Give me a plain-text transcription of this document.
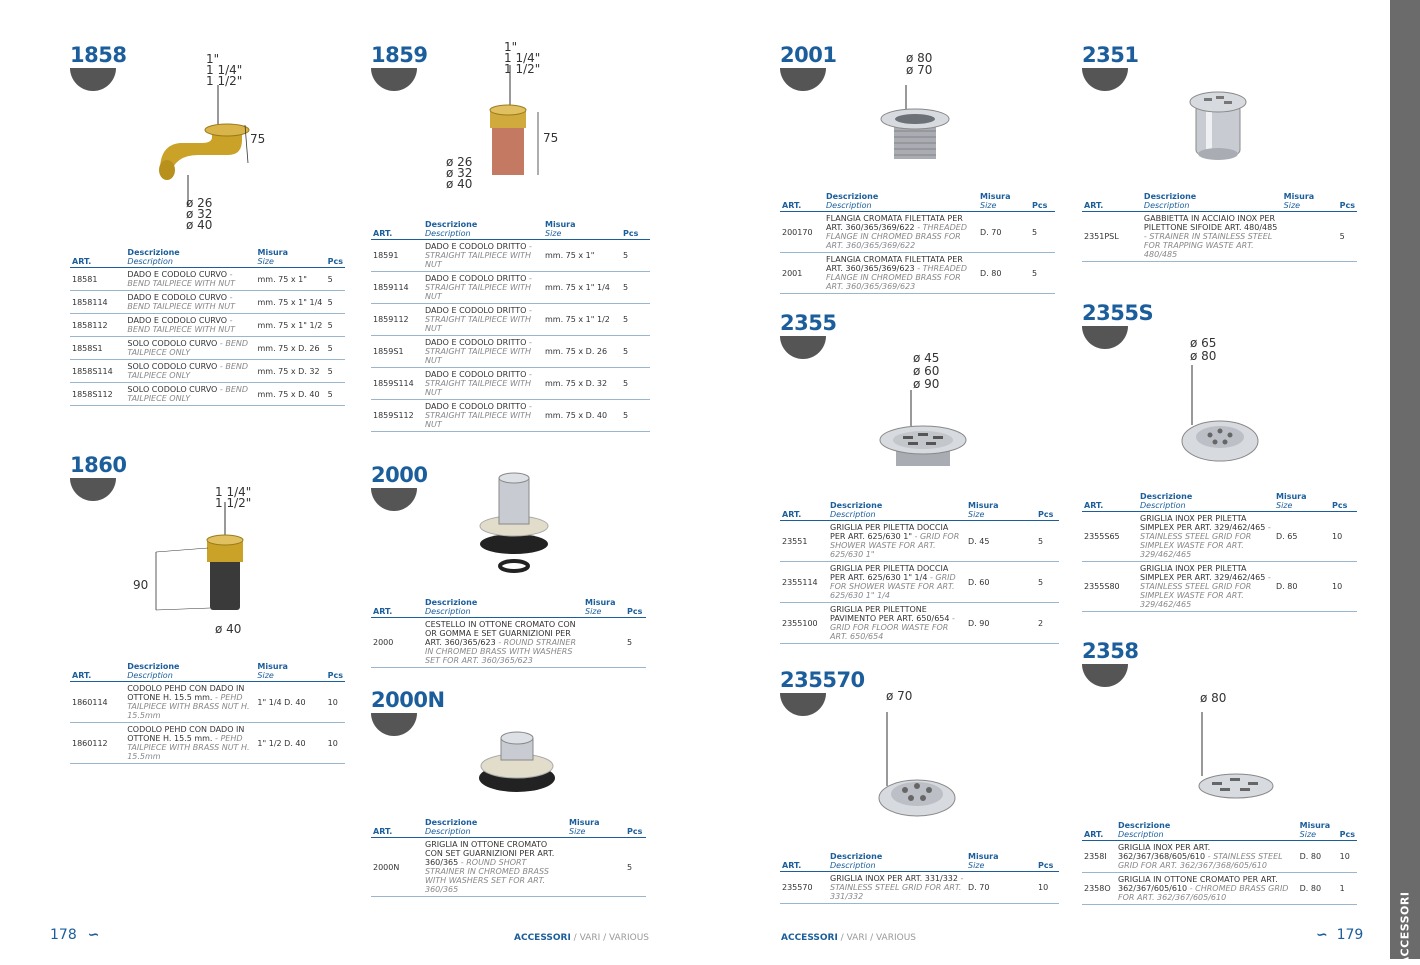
1858	1"
1 1/4"
1 1/2"
75
ø 26
ø 32
ø 40
ART.	Descrizione
Description	Misura
Size	Pcs
18581	DADO E CODOLO CURVO - BEND TAILPIECE WITH NUT	mm. 75 x 1"	5
1858114	DADO E CODOLO CURVO - BEND TAILPIECE WITH NUT	mm. 75 x 1" 1/4	5
1858112	DADO E CODOLO CURVO - BEND TAILPIECE WITH NUT	mm. 75 x 1" 1/2	5
1858S1	SOLO CODOLO CURVO - BEND TAILPIECE ONLY	mm. 75 x D. 26	5
1858S114	SOLO CODOLO CURVO - BEND TAILPIECE ONLY	mm. 75 x D. 32	5
1858S112	SOLO CODOLO CURVO - BEND TAILPIECE ONLY	mm. 75 x D. 40	5
1859	1"
1 1/4"
1 1/2"
75
ø 26
ø 32
ø 40
ART.	Descrizione
Description	Misura
Size	Pcs
18591	DADO E CODOLO DRITTO - STRAIGHT TAILPIECE WITH NUT	mm. 75 x 1"	5
1859114	DADO E CODOLO DRITTO - STRAIGHT TAILPIECE WITH NUT	mm. 75 x 1" 1/4	5
1859112	DADO E CODOLO DRITTO - STRAIGHT TAILPIECE WITH NUT	mm. 75 x 1" 1/2	5
1859S1	DADO E CODOLO DRITTO - STRAIGHT TAILPIECE WITH NUT	mm. 75 x D. 26	5
1859S114	DADO E CODOLO DRITTO - STRAIGHT TAILPIECE WITH NUT	mm. 75 x D. 32	5
1859S112	DADO E CODOLO DRITTO - STRAIGHT TAILPIECE WITH NUT	mm. 75 x D. 40	5
1860
1 1/4"
1 1/2"
90
ø 40
ART.	Descrizione
Description	Misura
Size	Pcs
1860114	CODOLO PEHD CON DADO IN OTTONE H. 15.5 mm. - PEHD TAILPIECE WITH BRASS NUT H. 15.5mm	1" 1/4 D. 40	10
1860112	CODOLO PEHD CON DADO IN OTTONE H. 15.5 mm. - PEHD TAILPIECE WITH BRASS NUT H. 15.5mm	1" 1/2 D. 40	10
2000
ART.	Descrizione
Description	Misura
Size	Pcs
2000	CESTELLO IN OTTONE CROMATO CON OR GOMMA E SET GUARNIZIONI PER ART. 360/365/623 - ROUND STRAINER IN CHROMED BRASS WITH WASHERS SET FOR ART. 360/365/623		5
2000N
ART.	Descrizione
Description	Misura
Size	Pcs
2000N	GRIGLIA IN OTTONE CROMATO CON SET GUARNIZIONI PER ART. 360/365 - ROUND SHORT STRAINER IN CHROMED BRASS WITH WASHERS SET FOR ART. 360/365		5
178 ∽	ACCESSORI / VARI / VARIOUS
2001	ø 80
ø 70
ART.	Descrizione
Description	Misura
Size	Pcs
200170	FLANGIA CROMATA FILETTATA PER ART. 360/365/369/622 - THREADED FLANGE IN CHROMED BRASS FOR ART. 360/365/369/622	D. 70	5
2001	FLANGIA CROMATA FILETTATA PER ART. 360/365/369/623 - THREADED FLANGE IN CHROMED BRASS FOR ART. 360/365/369/623	D. 80	5
2355
ø 45
ø 60
ø 90
ART.	Descrizione
Description	Misura
Size	Pcs
23551	GRIGLIA PER PILETTA DOCCIA PER ART. 625/630 1" - GRID FOR SHOWER WASTE FOR ART. 625/630 1"	D. 45	5
2355114	GRIGLIA PER PILETTA DOCCIA PER ART. 625/630 1" 1/4 - GRID FOR SHOWER WASTE FOR ART. 625/630 1" 1/4	D. 60	5
2355100	GRIGLIA PER PILETTONE PAVIMENTO PER ART. 650/654 - GRID FOR FLOOR WASTE FOR ART. 650/654	D. 90	2
235570
ø 70
ART.	Descrizione
Description	Misura
Size	Pcs
235570	GRIGLIA INOX PER ART. 331/332 - STAINLESS STEEL GRID FOR ART. 331/332	D. 70	10
2351
ART.	Descrizione
Description	Misura
Size	Pcs
2351PSL	GABBIETTA IN ACCIAIO INOX PER PILETTONE SIFOIDE ART. 480/485 - STRAINER IN STAINLESS STEEL FOR TRAPPING WASTE ART. 480/485		5
2355S
ø 65
ø 80
ART.	Descrizione
Description	Misura
Size	Pcs
2355S65	GRIGLIA INOX PER PILETTA SIMPLEX PER ART. 329/462/465 - STAINLESS STEEL GRID FOR SIMPLEX WASTE FOR ART. 329/462/465	D. 65	10
2355S80	GRIGLIA INOX PER PILETTA SIMPLEX PER ART. 329/462/465 - STAINLESS STEEL GRID FOR SIMPLEX WASTE FOR ART. 329/462/465	D. 80	10
2358
ø 80
ART.	Descrizione
Description	Misura
Size	Pcs
2358I	GRIGLIA INOX PER ART. 362/367/368/605/610 - STAINLESS STEEL GRID FOR ART. 362/367/368/605/610	D. 80	10
2358O	GRIGLIA IN OTTONE CROMATO PER ART. 362/367/605/610 - CHROMED BRASS GRID FOR ART. 362/367/605/610	D. 80	1
ACCESSORI / VARI / VARIOUS	∽ 179	ACCESSORI
